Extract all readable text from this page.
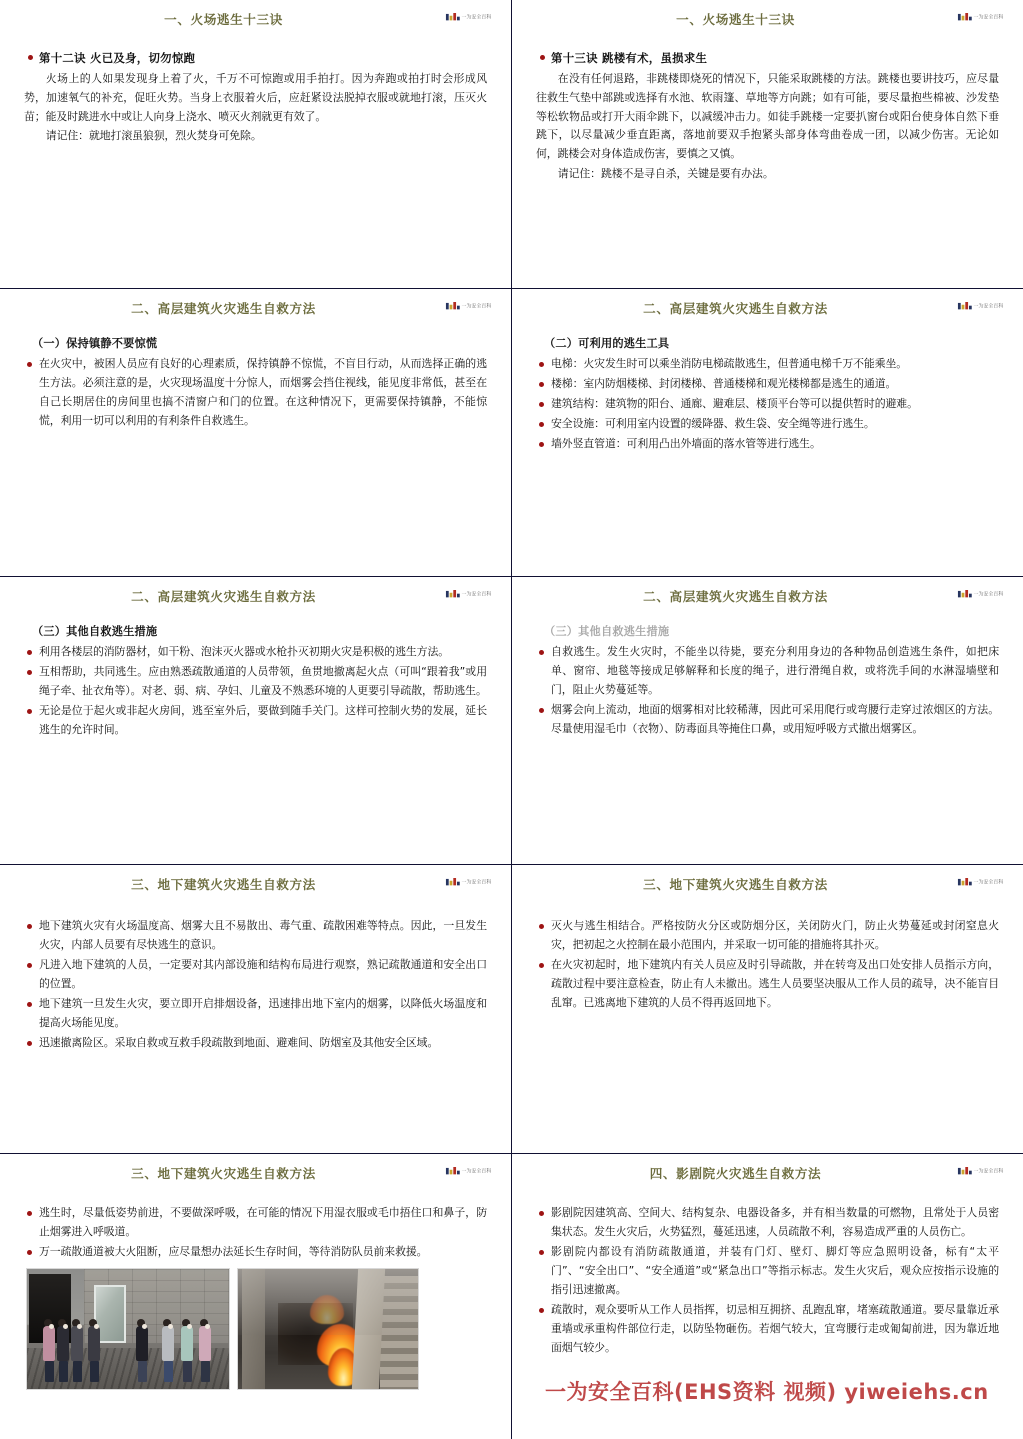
一、火场逃生十三诀	一为安全百科
第十二诀 火已及身，切勿惊跑

火场上的人如果发现身上着了火，千万不可惊跑或用手拍打。因为奔跑或拍打时会形成风势，加速氧气的补充，促旺火势。当身上衣服着火后，应赶紧设法脱掉衣服或就地打滚，压灭火苗；能及时跳进水中或让人向身上浇水、喷灭火剂就更有效了。

请记住：就地打滚虽狼狈，烈火焚身可免除。

一、火场逃生十三诀	一为安全百科
第十三诀 跳楼有术，虽损求生

在没有任何退路，非跳楼即烧死的情况下，只能采取跳楼的方法。跳楼也要讲技巧，应尽量往救生气垫中部跳或选择有水池、软雨篷、草地等方向跳；如有可能，要尽量抱些棉被、沙发垫等松软物品或打开大雨伞跳下，以减缓冲击力。如徒手跳楼一定要扒窗台或阳台使身体自然下垂跳下，以尽量减少垂直距离，落地前要双手抱紧头部身体弯曲卷成一团，以减少伤害。无论如何，跳楼会对身体造成伤害，要慎之又慎。

请记住：跳楼不是寻自杀，关键是要有办法。

二、高层建筑火灾逃生自救方法	一为安全百科
（一）保持镇静不要惊慌
在火灾中，被困人员应有良好的心理素质，保持镇静不惊慌，不盲目行动，从而选择正确的逃生方法。必须注意的是，火灾现场温度十分惊人，而烟雾会挡住视线，能见度非常低，甚至在自己长期居住的房间里也搞不清窗户和门的位置。在这种情况下，更需要保持镇静，不能惊慌，利用一切可以利用的有利条件自救逃生。
二、高层建筑火灾逃生自救方法	一为安全百科
（二）可利用的逃生工具
电梯：火灾发生时可以乘坐消防电梯疏散逃生，但普通电梯千万不能乘坐。
楼梯：室内防烟楼梯、封闭楼梯、普通楼梯和观光楼梯都是逃生的通道。
建筑结构：建筑物的阳台、通廊、避难层、楼顶平台等可以提供暂时的避难。
安全设施：可利用室内设置的缓降器、救生袋、安全绳等进行逃生。
墙外竖直管道：可利用凸出外墙面的落水管等进行逃生。
二、高层建筑火灾逃生自救方法	一为安全百科
（三）其他自救逃生措施
利用各楼层的消防器材，如干粉、泡沫灭火器或水枪扑灭初期火灾是积极的逃生方法。
互相帮助，共同逃生。应由熟悉疏散通道的人员带领，鱼贯地撤离起火点（可叫“跟着我”或用绳子牵、扯衣角等）。对老、弱、病、孕妇、儿童及不熟悉环境的人更要引导疏散，帮助逃生。
无论是位于起火或非起火房间，逃至室外后，要做到随手关门。这样可控制火势的发展，延长逃生的允许时间。
二、高层建筑火灾逃生自救方法	一为安全百科
（三）其他自救逃生措施
自救逃生。发生火灾时，不能坐以待毙，要充分利用身边的各种物品创造逃生条件，如把床单、窗帘、地毯等接成足够解释和长度的绳子，进行滑绳自救，或将洗手间的水淋湿墙壁和门，阻止火势蔓延等。
烟雾会向上流动，地面的烟雾相对比较稀薄，因此可采用爬行或弯腰行走穿过浓烟区的方法。尽量使用湿毛巾（衣物）、防毒面具等掩住口鼻，或用短呼吸方式撤出烟雾区。
三、地下建筑火灾逃生自救方法	一为安全百科
地下建筑火灾有火场温度高、烟雾大且不易散出、毒气重、疏散困难等特点。因此，一旦发生火灾，内部人员要有尽快逃生的意识。
凡进入地下建筑的人员，一定要对其内部设施和结构布局进行观察，熟记疏散通道和安全出口的位置。
地下建筑一旦发生火灾，要立即开启排烟设备，迅速排出地下室内的烟雾，以降低火场温度和提高火场能见度。
迅速撤离险区。采取自救或互救手段疏散到地面、避难间、防烟室及其他安全区域。
三、地下建筑火灾逃生自救方法	一为安全百科
灭火与逃生相结合。严格按防火分区或防烟分区，关闭防火门，防止火势蔓延或封闭窒息火灾，把初起之火控制在最小范围内，并采取一切可能的措施将其扑灭。
在火灾初起时，地下建筑内有关人员应及时引导疏散，并在转弯及出口处安排人员指示方向，疏散过程中要注意检查，防止有人未撤出。逃生人员要坚决服从工作人员的疏导，决不能盲目乱窜。已逃离地下建筑的人员不得再返回地下。
三、地下建筑火灾逃生自救方法	一为安全百科
逃生时，尽量低姿势前进，不要做深呼吸，在可能的情况下用湿衣服或毛巾捂住口和鼻子，防止烟雾进入呼吸道。
万一疏散通道被大火阻断，应尽量想办法延长生存时间，等待消防队员前来救援。
四、影剧院火灾逃生自救方法	一为安全百科
影剧院因建筑高、空间大、结构复杂、电器设备多，并有相当数量的可燃物，且常处于人员密集状态。发生火灾后，火势猛烈，蔓延迅速，人员疏散不利，容易造成严重的人员伤亡。
影剧院内都设有消防疏散通道，并装有门灯、壁灯、脚灯等应急照明设备，标有“太平门”、“安全出口”、“安全通道”或“紧急出口”等指示标志。发生火灾后，观众应按指示设施的指引迅速撤离。
疏散时，观众要听从工作人员指挥，切忌相互拥挤、乱跑乱窜，堵塞疏散通道。要尽量靠近承重墙或承重构件部位行走，以防坠物砸伤。若烟气较大，宜弯腰行走或匍匐前进，因为靠近地面烟气较少。
一为安全百科(EHS资料 视频) yiweiehs.cn
